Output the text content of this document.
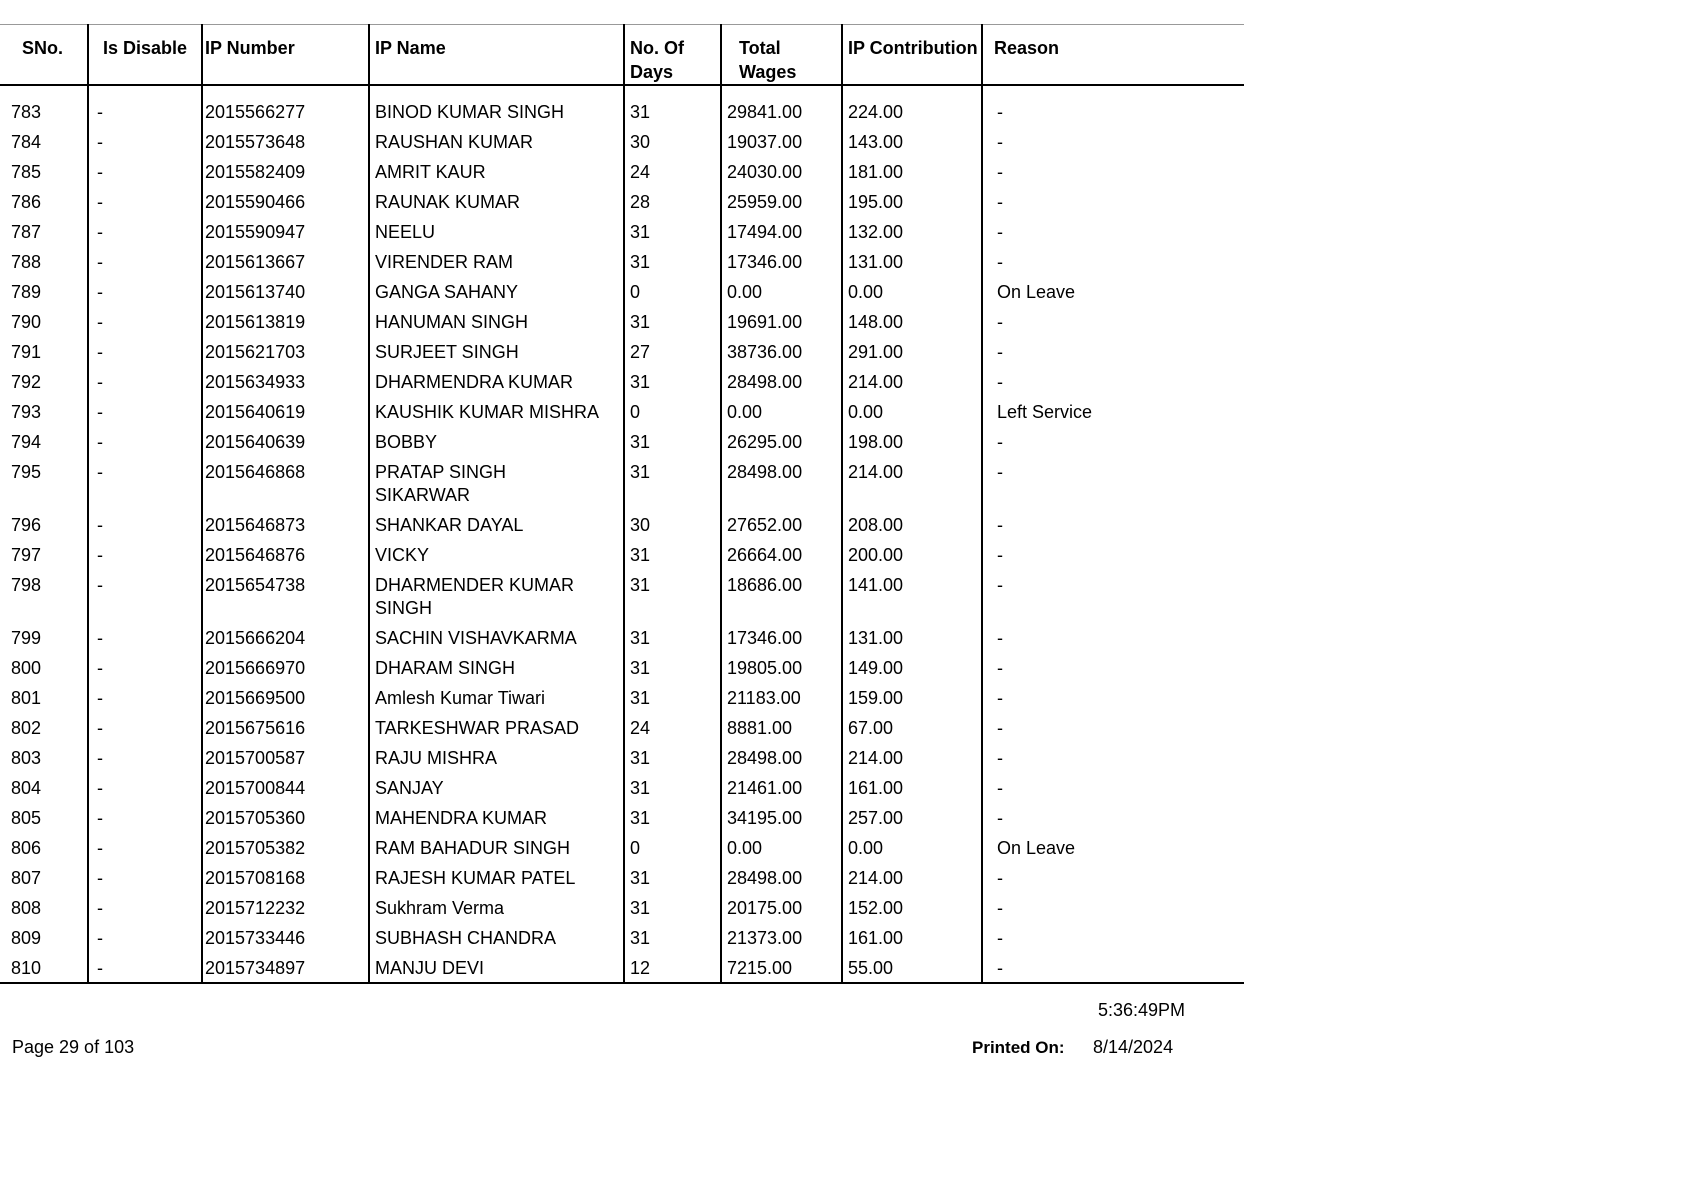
SNo.	Is Disable	IP Number	IP Name	No. Of Days	Total Wages	IP Contribution	Reason

783	-	2015566277	BINOD KUMAR SINGH	31	29841.00	224.00	-
784	-	2015573648	RAUSHAN KUMAR	30	19037.00	143.00	-
785	-	2015582409	AMRIT KAUR	24	24030.00	181.00	-
786	-	2015590466	RAUNAK KUMAR	28	25959.00	195.00	-
787	-	2015590947	NEELU	31	17494.00	132.00	-
788	-	2015613667	VIRENDER RAM	31	17346.00	131.00	-
789	-	2015613740	GANGA SAHANY	0	0.00	0.00	On Leave
790	-	2015613819	HANUMAN SINGH	31	19691.00	148.00	-
791	-	2015621703	SURJEET SINGH	27	38736.00	291.00	-
792	-	2015634933	DHARMENDRA KUMAR	31	28498.00	214.00	-
793	-	2015640619	KAUSHIK KUMAR MISHRA	0	0.00	0.00	Left Service
794	-	2015640639	BOBBY	31	26295.00	198.00	-
795	-	2015646868	PRATAP SINGH SIKARWAR	31	28498.00	214.00	-
796	-	2015646873	SHANKAR DAYAL	30	27652.00	208.00	-
797	-	2015646876	VICKY	31	26664.00	200.00	-
798	-	2015654738	DHARMENDER KUMAR SINGH	31	18686.00	141.00	-
799	-	2015666204	SACHIN VISHAVKARMA	31	17346.00	131.00	-
800	-	2015666970	DHARAM SINGH	31	19805.00	149.00	-
801	-	2015669500	Amlesh Kumar Tiwari	31	21183.00	159.00	-
802	-	2015675616	TARKESHWAR PRASAD	24	8881.00	67.00	-
803	-	2015700587	RAJU MISHRA	31	28498.00	214.00	-
804	-	2015700844	SANJAY	31	21461.00	161.00	-
805	-	2015705360	MAHENDRA KUMAR	31	34195.00	257.00	-
806	-	2015705382	RAM BAHADUR SINGH	0	0.00	0.00	On Leave
807	-	2015708168	RAJESH KUMAR PATEL	31	28498.00	214.00	-
808	-	2015712232	Sukhram Verma	31	20175.00	152.00	-
809	-	2015733446	SUBHASH CHANDRA	31	21373.00	161.00	-
810	-	2015734897	MANJU DEVI	12	7215.00	55.00	-
5:36:49PM
Page 29 of 103	Printed On: 8/14/2024
